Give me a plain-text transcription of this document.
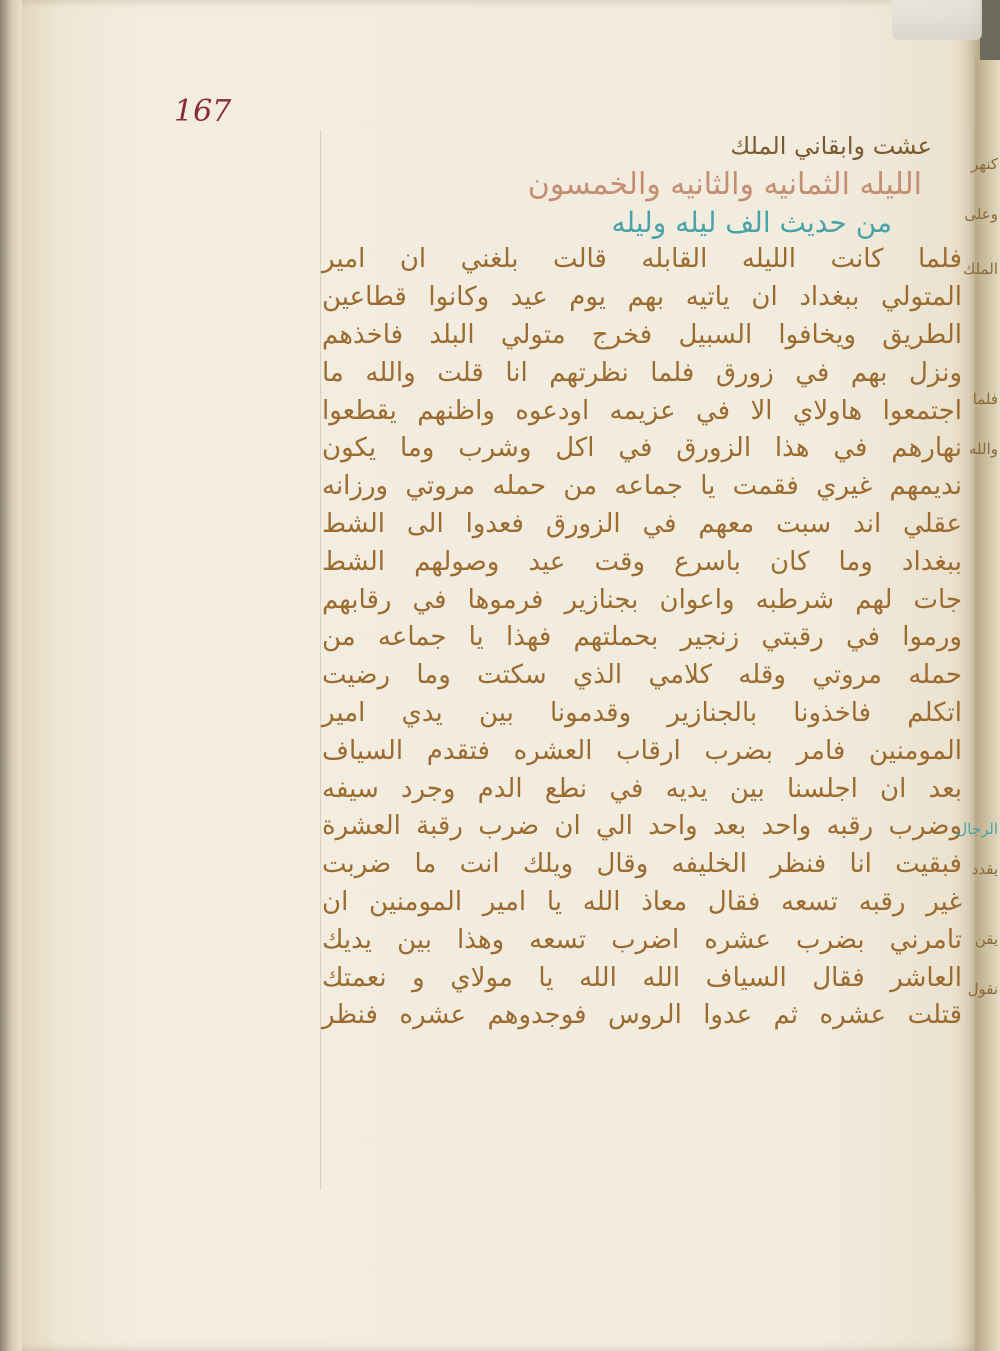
167
عشت وابقاني الملك
الليله الثمانيه والثانيه والخمسون
من حديث الف ليله وليله
فلما كانت الليله القابله قالت بلغني ان امير
المتولي ببغداد ان ياتيه بهم يوم عيد وكانوا قطاعين
الطريق ويخافوا السبيل فخرج متولي البلد فاخذهم
ونزل بهم في زورق فلما نظرتهم انا قلت والله ما
اجتمعوا هاولاي الا في عزيمه اودعوه واظنهم يقطعوا
نهارهم في هذا الزورق في اكل وشرب وما يكون
نديمهم غيري فقمت يا جماعه من حمله مروتي ورزانه
عقلي اند سبت معهم في الزورق فعدوا الى الشط
ببغداد وما كان باسرع وقت عيد وصولهم الشط
جات لهم شرطبه واعوان بجنازير فرموها في رقابهم
ورموا في رقبتي زنجير بحملتهم فهذا يا جماعه من
حمله مروتي وقله كلامي الذي سكتت وما رضيت
اتكلم فاخذونا بالجنازير وقدمونا بين يدي امير
المومنين فامر بضرب ارقاب العشره فتقدم السياف
بعد ان اجلسنا بين يديه في نطع الدم وجرد سيفه
وضرب رقبه واحد بعد واحد الي ان ضرب رقبة العشرة
فبقيت انا فنظر الخليفه وقال ويلك انت ما ضربت
غير رقبه تسعه فقال معاذ الله يا امير المومنين ان
تامرني بضرب عشره اضرب تسعه وهذا بين يديك
العاشر فقال السياف الله الله يا مولاي و نعمتك
قتلت عشره ثم عدوا الروس فوجدوهم عشره فنظر
كنهر
وعلى
الملك
فلما
والله
الرجال
يقدد
يقن
نقول
